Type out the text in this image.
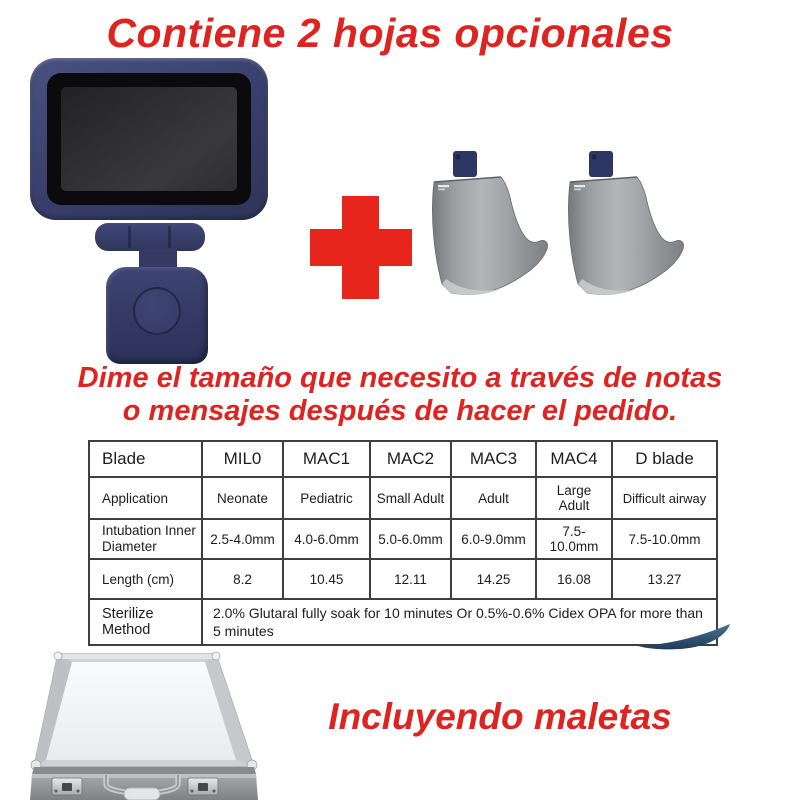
Contiene 2 hojas opcionales
Dime el tamaño que necesito a través de notas
o mensajes después de hacer el pedido.
Blade	MIL0	MAC1	MAC2	MAC3	MAC4	D blade
Application	Neonate	Pediatric	Small Adult	Adult	Large Adult	Difficult airway
Intubation Inner Diameter	2.5-4.0mm	4.0-6.0mm	5.0-6.0mm	6.0-9.0mm	7.5-10.0mm	7.5-10.0mm
Length (cm)	8.2	10.45	12.11	14.25	16.08	13.27
Sterilize Method	2.0% Glutaral fully soak for 10 minutes Or 0.5%-0.6% Cidex OPA for more than 5 minutes					
Incluyendo maletas
